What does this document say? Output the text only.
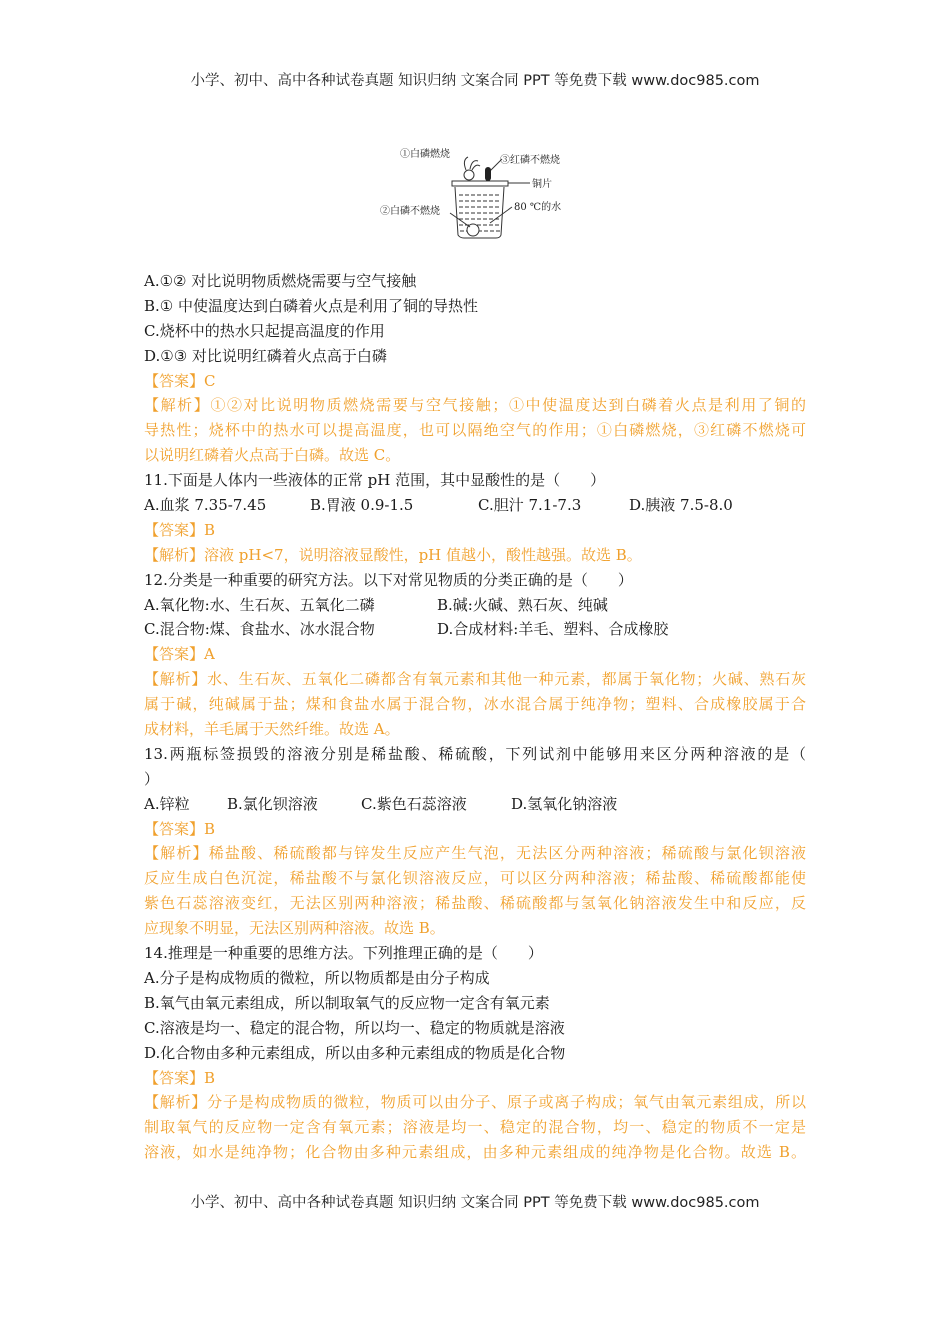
小学、初中、高中各种试卷真题 知识归纳 文案合同 PPT 等免费下载 www.doc985.com
①白磷燃烧
③红磷不燃烧
铜片
②白磷不燃烧	80 ℃的水
A.①② 对比说明物质燃烧需要与空气接触
B.① 中使温度达到白磷着火点是利用了铜的导热性
C.烧杯中的热水只起提高温度的作用
D.①③ 对比说明红磷着火点高于白磷
【答案】C
【解析】①②对比说明物质燃烧需要与空气接触；①中使温度达到白磷着火点是利用了铜的
导热性；烧杯中的热水可以提高温度，也可以隔绝空气的作用；①白磷燃烧，③红磷不燃烧可
以说明红磷着火点高于白磷。故选 C。
11.下面是人体内一些液体的正常 pH 范围，其中显酸性的是（　　）
A.血浆 7.35-7.45	B.胃液 0.9-1.5	C.胆汁 7.1-7.3	D.胰液 7.5-8.0
【答案】B
【解析】溶液 pH<7，说明溶液显酸性，pH 值越小，酸性越强。故选 B。
12.分类是一种重要的研究方法。以下对常见物质的分类正确的是（　　）
A.氧化物:水、生石灰、五氧化二磷	B.碱:火碱、熟石灰、纯碱
C.混合物:煤、食盐水、冰水混合物	D.合成材料:羊毛、塑料、合成橡胶
【答案】A
【解析】水、生石灰、五氧化二磷都含有氧元素和其他一种元素，都属于氧化物；火碱、熟石灰
属于碱，纯碱属于盐；煤和食盐水属于混合物，冰水混合属于纯净物；塑料、合成橡胶属于合
成材料，羊毛属于天然纤维。故选 A。
13.两瓶标签损毁的溶液分别是稀盐酸、稀硫酸，下列试剂中能够用来区分两种溶液的是（
）
A.锌粒 B.氯化钡溶液	C.紫色石蕊溶液	D.氢氧化钠溶液
【答案】B
【解析】稀盐酸、稀硫酸都与锌发生反应产生气泡，无法区分两种溶液；稀硫酸与氯化钡溶液
反应生成白色沉淀，稀盐酸不与氯化钡溶液反应，可以区分两种溶液；稀盐酸、稀硫酸都能使
紫色石蕊溶液变红，无法区别两种溶液；稀盐酸、稀硫酸都与氢氧化钠溶液发生中和反应，反
应现象不明显，无法区别两种溶液。故选 B。
14.推理是一种重要的思维方法。下列推理正确的是（　　）
A.分子是构成物质的微粒，所以物质都是由分子构成
B.氧气由氧元素组成，所以制取氧气的反应物一定含有氧元素
C.溶液是均一、稳定的混合物，所以均一、稳定的物质就是溶液
D.化合物由多种元素组成，所以由多种元素组成的物质是化合物
【答案】B
【解析】分子是构成物质的微粒，物质可以由分子、原子或离子构成；氧气由氧元素组成，所以
制取氧气的反应物一定含有氧元素；溶液是均一、稳定的混合物，均一、稳定的物质不一定是
溶液，如水是纯净物；化合物由多种元素组成，由多种元素组成的纯净物是化合物。故选 B。
小学、初中、高中各种试卷真题 知识归纳 文案合同 PPT 等免费下载 www.doc985.com
